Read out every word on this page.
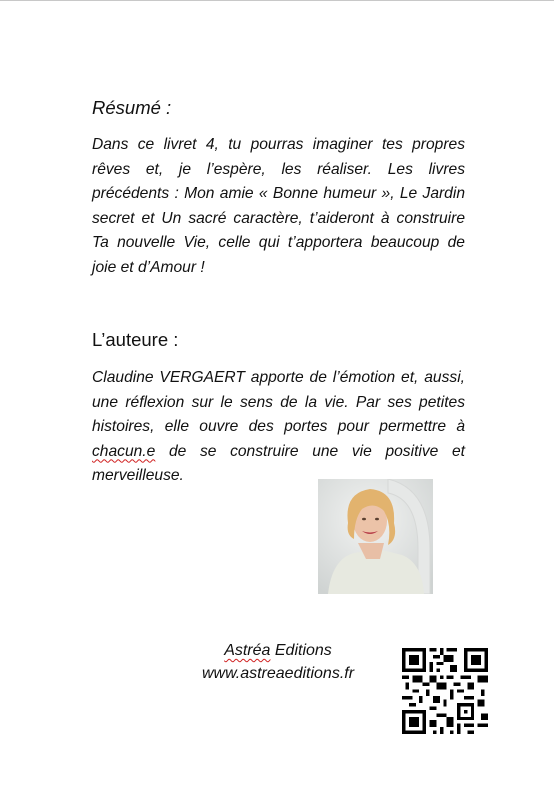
Résumé :

Dans ce livret 4, tu pourras imaginer tes propres rêves et, je l’espère, les réaliser. Les livres précédents : Mon amie « Bonne humeur », Le Jardin secret et Un sacré caractère, t’aideront à construire Ta nouvelle Vie, celle qui t’apportera beaucoup de joie et d’Amour !

L’auteure :

Claudine VERGAERT apporte de l’émotion et, aussi, une réflexion sur le sens de la vie. Par ses petites histoires, elle ouvre des portes pour permettre à chacun.e de se construire une vie positive et merveilleuse.

Astréa Editions
www.astreaeditions.fr
